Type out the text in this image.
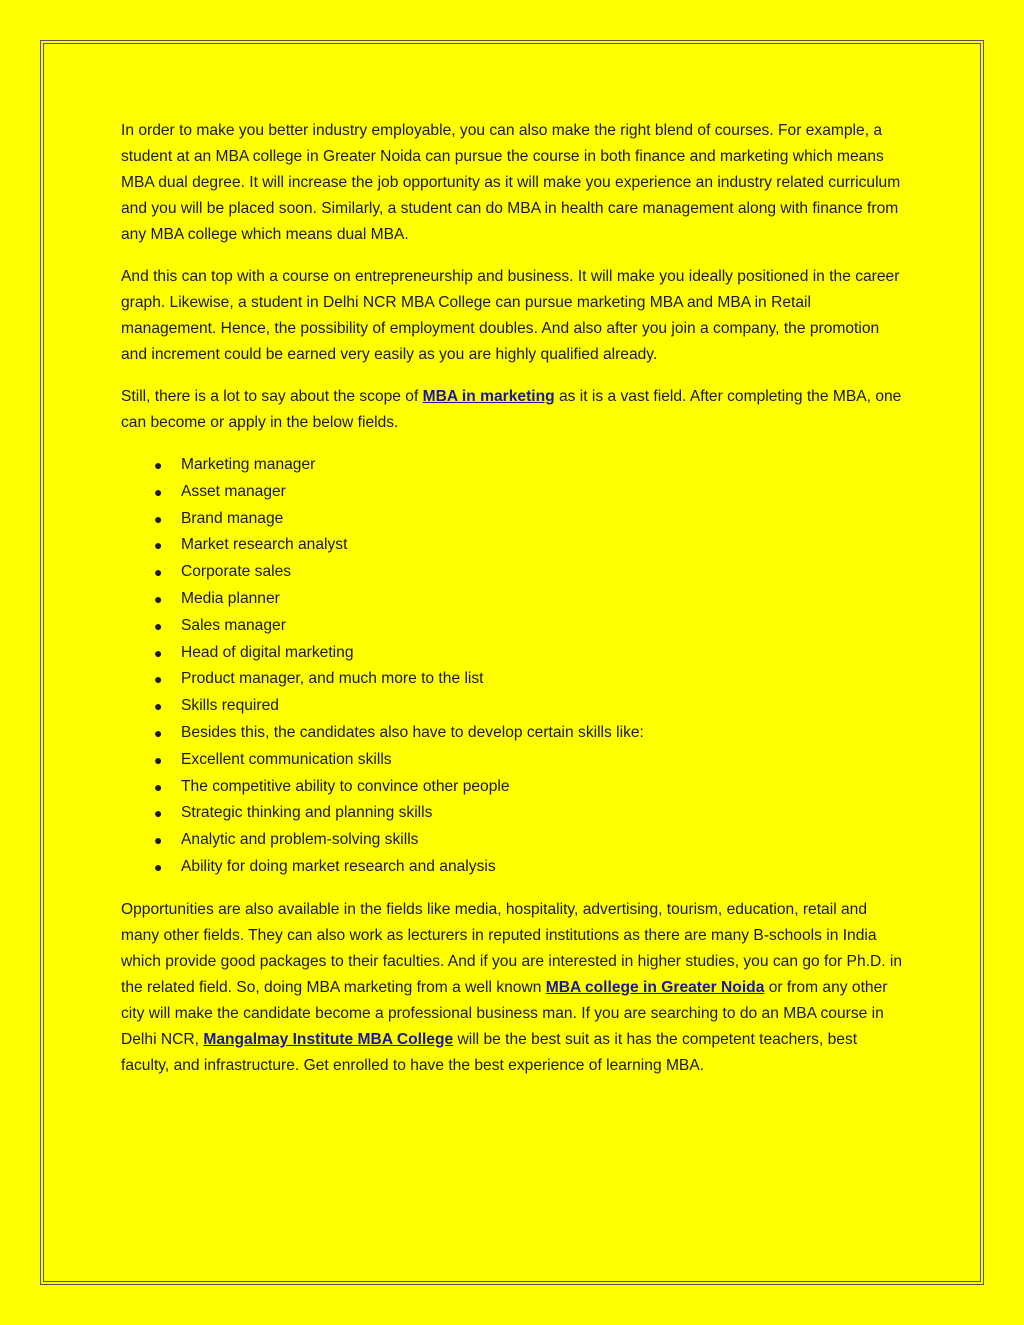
In order to make you better industry employable, you can also make the right blend of courses. For example, a student at an MBA college in Greater Noida can pursue the course in both finance and marketing which means MBA dual degree. It will increase the job opportunity as it will make you experience an industry related curriculum and you will be placed soon. Similarly, a student can do MBA in health care management along with finance from any MBA college which means dual MBA.

And this can top with a course on entrepreneurship and business. It will make you ideally positioned in the career graph. Likewise, a student in Delhi NCR MBA College can pursue marketing MBA and MBA in Retail management. Hence, the possibility of employment doubles. And also after you join a company, the promotion and increment could be earned very easily as you are highly qualified already.

Still, there is a lot to say about the scope of MBA in marketing as it is a vast field. After completing the MBA, one can become or apply in the below fields.

● Marketing manager
● Asset manager
● Brand manage
● Market research analyst
● Corporate sales
● Media planner
● Sales manager
● Head of digital marketing
● Product manager, and much more to the list
● Skills required
● Besides this, the candidates also have to develop certain skills like:
● Excellent communication skills
● The competitive ability to convince other people
● Strategic thinking and planning skills
● Analytic and problem-solving skills
● Ability for doing market research and analysis

Opportunities are also available in the fields like media, hospitality, advertising, tourism, education, retail and many other fields. They can also work as lecturers in reputed institutions as there are many B-schools in India which provide good packages to their faculties. And if you are interested in higher studies, you can go for Ph.D. in the related field. So, doing MBA marketing from a well known MBA college in Greater Noida or from any other city will make the candidate become a professional business man. If you are searching to do an MBA course in Delhi NCR, Mangalmay Institute MBA College will be the best suit as it has the competent teachers, best faculty, and infrastructure. Get enrolled to have the best experience of learning MBA.
